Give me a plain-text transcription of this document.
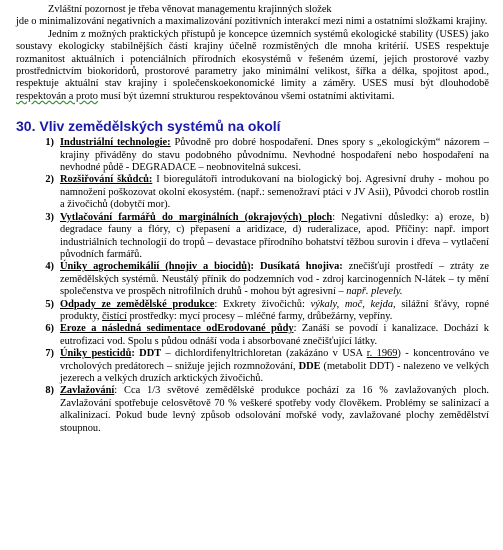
Zvláštní pozornost je třeba věnovat managementu krajinných složek
jde o minimalizování negativních a maximalizování pozitivních interakcí mezi nimi a ostatními složkami krajiny.

Jedním z možných praktických přístupů je koncepce územních systémů ekologické stability (USES) jako soustavy ekologicky stabilnějších částí krajiny účelně rozmístěných dle mnoha kritérií. USES respektuje rozmanitost aktuálních i potenciálních přírodních ekosystémů v řešeném území, jejich prostorové vazby prostřednictvím biokoridorů, prostorové parametry jako minimální velikost, šířka a délka, spojitost apod., respektuje aktuální stav krajiny i společenskoekonomické limity a záměry. USES musí být dlouhodobě respektován a proto musí být územní strukturou respektovánou všemi ostatními aktivitami.

30. Vliv zemědělských systémů na okolí
1) Industriální technologie: Původně pro dobré hospodaření. Dnes spory s „ekologickým“ názorem – krajiny přiváděny do stavu podobného původnímu. Nevhodné hospodaření nebo hospodaření na nevhodné půdě - DEGRADACE – neobnovitelná sukcesi.
2) Rozšiřování škůdců: I bioregulátoři introdukovaní na biologický boj. Agresivní druhy - mohou po namnožení poškozovat okolní ekosystém. (např.: semenožraví ptáci v JV Asii), Původci chorob rostlin a živočichů (dobytčí mor).
3) Vytlačování farmářů do marginálních (okrajových) ploch: Negativní důsledky: a) eroze, b) degradace fauny a flóry, c) přepasení a aridizace, d) ruderalizace, apod. Příčiny: např. import industriálních technologií do tropů – devastace přírodního bohatství těžbou surovin i dřeva – vytlačení původních farmářů.
4) Úniky agrochemikálií (hnojiv a biocidů): Dusíkatá hnojiva: znečišťují prostředí – ztráty ze zemědělských systémů. Neustálý přínik do podzemních vod - zdroj karcinogenních N-látek – ty mění společenstva ve prospěch nitrofilních druhů - mohou být agresivní – např. plevely.
5) Odpady ze zemědělské produkce: Exkrety živočichů: výkaly, moč, kejda, silážní šťávy, ropné produkty, čistící prostředky: mycí procesy – mléčné farmy, drůbežárny, vepříny.
6) Eroze a následná sedimentace odErodované půdy: Zanáší se povodí i kanalizace. Dochází k eutrofizaci vod. Spolu s půdou odnáší voda i absorbované znečišťující látky.
7) Úniky pesticidů: DDT – dichlordifenyltrichloretan (zakázáno v USA r. 1969) - koncentrováno ve vrcholových predátorech – snižuje jejich rozmnožování, DDE (metabolit DDT) - nalezeno ve velkých jezerech a velkých druzích arktických živočichů.
8) Zavlažování: Cca 1/3 světové zemědělské produkce pochází za 16 % zavlažovaných ploch. Zavlažování spotřebuje celosvětově 70 % veškeré spotřeby vody člověkem. Problémy se salinizací a alkalinizací. Pokud bude levný způsob odsolování mořské vody, zavlažované plochy zemědělství stoupnou.
